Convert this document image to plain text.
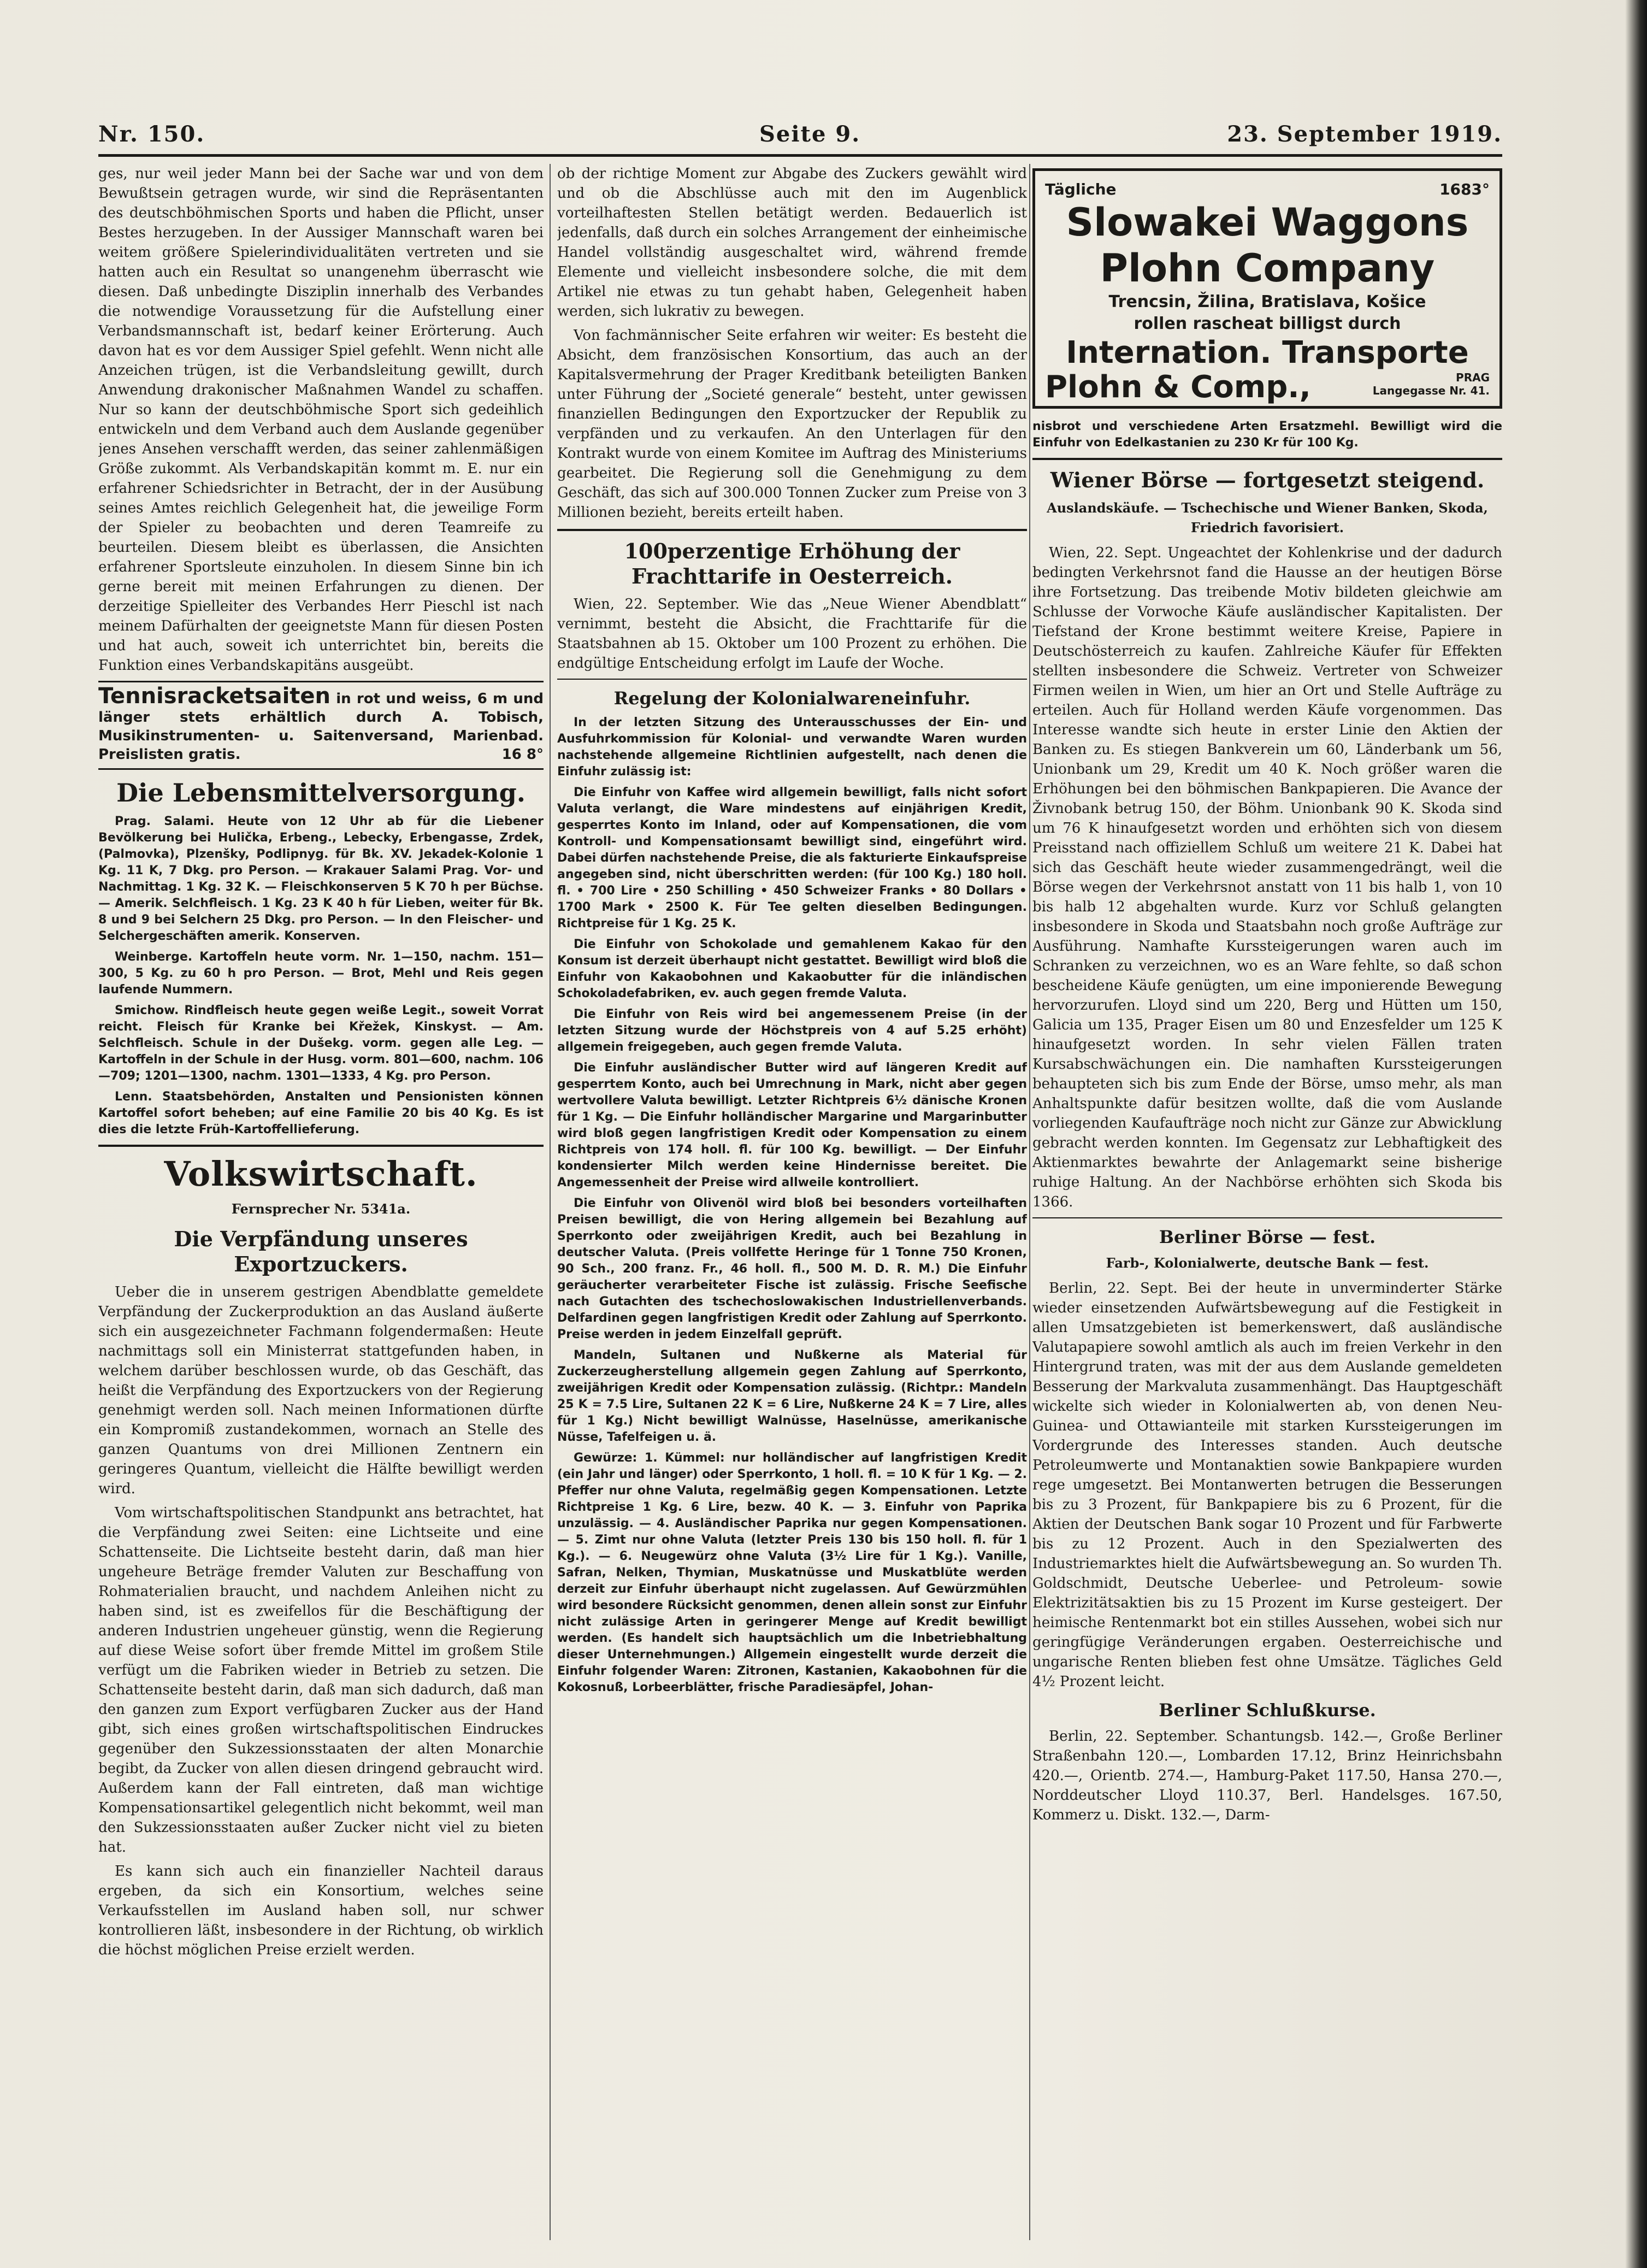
Nr. 150.	Seite 9.	23. September 1919.

ges, nur weil jeder Mann bei der Sache war und von dem Bewußtsein getragen wurde, wir sind die Repräsentanten des deutschböhmischen Sports und haben die Pflicht, unser Bestes herzugeben. In der Aussiger Mannschaft waren bei weitem größere Spielerindividualitäten vertreten und sie hatten auch ein Resultat so unangenehm überrascht wie diesen. Daß unbedingte Disziplin innerhalb des Verbandes die notwendige Voraussetzung für die Aufstellung einer Verbandsmannschaft ist, bedarf keiner Erörterung. Auch davon hat es vor dem Aussiger Spiel gefehlt. Wenn nicht alle Anzeichen trügen, ist die Verbandsleitung gewillt, durch Anwendung drakonischer Maßnahmen Wandel zu schaffen. Nur so kann der deutschböhmische Sport sich gedeihlich entwickeln und dem Verband auch dem Auslande gegenüber jenes Ansehen verschafft werden, das seiner zahlenmäßigen Größe zukommt. Als Verbandskapitän kommt m. E. nur ein erfahrener Schiedsrichter in Betracht, der in der Ausübung seines Amtes reichlich Gelegenheit hat, die jeweilige Form der Spieler zu beobachten und deren Teamreife zu beurteilen. Diesem bleibt es überlassen, die Ansichten erfahrener Sportsleute einzuholen. In diesem Sinne bin ich gerne bereit mit meinen Erfahrungen zu dienen. Der derzeitige Spielleiter des Verbandes Herr Pieschl ist nach meinem Dafürhalten der geeignetste Mann für diesen Posten und hat auch, soweit ich unterrichtet bin, bereits die Funktion eines Verbandskapitäns ausgeübt.

Tennisracketsaiten in rot und weiss, 6 m und länger stets erhältlich durch A. Tobisch, Musikinstrumenten- u. Saitenversand, Marienbad. Preislisten gratis.	16 8°
Die Lebensmittelversorgung.

Prag. Salami. Heute von 12 Uhr ab für die Liebener Bevölkerung bei Hulička, Erbeng., Lebecky, Erbengasse, Zrdek, (Palmovka), Plzenšky, Podlipnyg. für Bk. XV. Jekadek-Kolonie 1 Kg. 11 K, 7 Dkg. pro Person. — Krakauer Salami Prag. Vor- und Nachmittag. 1 Kg. 32 K. — Fleischkonserven 5 K 70 h per Büchse. — Amerik. Selchfleisch. 1 Kg. 23 K 40 h für Lieben, weiter für Bk. 8 und 9 bei Selchern 25 Dkg. pro Person. — In den Fleischer- und Selchergeschäften amerik. Konserven.

Weinberge. Kartoffeln heute vorm. Nr. 1—150, nachm. 151—300, 5 Kg. zu 60 h pro Person. — Brot, Mehl und Reis gegen laufende Nummern.

Smichow. Rindfleisch heute gegen weiße Legit., soweit Vorrat reicht. Fleisch für Kranke bei Křežek, Kinskyst. — Am. Selchfleisch. Schule in der Dušekg. vorm. gegen alle Leg. — Kartoffeln in der Schule in der Husg. vorm. 801—600, nachm. 106—709; 1201—1300, nachm. 1301—1333, 4 Kg. pro Person.

Lenn. Staatsbehörden, Anstalten und Pensionisten können Kartoffel sofort beheben; auf eine Familie 20 bis 40 Kg. Es ist dies die letzte Früh-Kartoffellieferung.

Volkswirtschaft.
Fernsprecher Nr. 5341a.
Die Verpfändung unseres Exportzuckers.

Ueber die in unserem gestrigen Abendblatte gemeldete Verpfändung der Zuckerproduktion an das Ausland äußerte sich ein ausgezeichneter Fachmann folgendermaßen: Heute nachmittags soll ein Ministerrat stattgefunden haben, in welchem darüber beschlossen wurde, ob das Geschäft, das heißt die Verpfändung des Exportzuckers von der Regierung genehmigt werden soll. Nach meinen Informationen dürfte ein Kompromiß zustandekommen, wornach an Stelle des ganzen Quantums von drei Millionen Zentnern ein geringeres Quantum, vielleicht die Hälfte bewilligt werden wird.

Vom wirtschaftspolitischen Standpunkt ans betrachtet, hat die Verpfändung zwei Seiten: eine Lichtseite und eine Schattenseite. Die Lichtseite besteht darin, daß man hier ungeheure Beträge fremder Valuten zur Beschaffung von Rohmaterialien braucht, und nachdem Anleihen nicht zu haben sind, ist es zweifellos für die Beschäftigung der anderen Industrien ungeheuer günstig, wenn die Regierung auf diese Weise sofort über fremde Mittel im großem Stile verfügt um die Fabriken wieder in Betrieb zu setzen. Die Schattenseite besteht darin, daß man sich dadurch, daß man den ganzen zum Export verfügbaren Zucker aus der Hand gibt, sich eines großen wirtschaftspolitischen Eindruckes gegenüber den Sukzessionsstaaten der alten Monarchie begibt, da Zucker von allen diesen dringend gebraucht wird. Außerdem kann der Fall eintreten, daß man wichtige Kompensationsartikel gelegentlich nicht bekommt, weil man den Sukzessionsstaaten außer Zucker nicht viel zu bieten hat.

Es kann sich auch ein finanzieller Nachteil daraus ergeben, da sich ein Konsortium, welches seine Verkaufsstellen im Ausland haben soll, nur schwer kontrollieren läßt, insbesondere in der Richtung, ob wirklich die höchst möglichen Preise erzielt werden.

ob der richtige Moment zur Abgabe des Zuckers gewählt wird und ob die Abschlüsse auch mit den im Augenblick vorteilhaftesten Stellen betätigt werden. Bedauerlich ist jedenfalls, daß durch ein solches Arrangement der einheimische Handel vollständig ausgeschaltet wird, während fremde Elemente und vielleicht insbesondere solche, die mit dem Artikel nie etwas zu tun gehabt haben, Gelegenheit haben werden, sich lukrativ zu bewegen.

Von fachmännischer Seite erfahren wir weiter: Es besteht die Absicht, dem französischen Konsortium, das auch an der Kapitalsvermehrung der Prager Kreditbank beteiligten Banken unter Führung der „Societé generale“ besteht, unter gewissen finanziellen Bedingungen den Exportzucker der Republik zu verpfänden und zu verkaufen. An den Unterlagen für den Kontrakt wurde von einem Komitee im Auftrag des Ministeriums gearbeitet. Die Regierung soll die Genehmigung zu dem Geschäft, das sich auf 300.000 Tonnen Zucker zum Preise von 3 Millionen bezieht, bereits erteilt haben.

100perzentige Erhöhung der Frachttarife in Oesterreich.

Wien, 22. September. Wie das „Neue Wiener Abendblatt“ vernimmt, besteht die Absicht, die Frachttarife für die Staatsbahnen ab 15. Oktober um 100 Prozent zu erhöhen. Die endgültige Entscheidung erfolgt im Laufe der Woche.

Regelung der Kolonialwareneinfuhr.

In der letzten Sitzung des Unterausschusses der Ein- und Ausfuhrkommission für Kolonial- und verwandte Waren wurden nachstehende allgemeine Richtlinien aufgestellt, nach denen die Einfuhr zulässig ist:

Die Einfuhr von Kaffee wird allgemein bewilligt, falls nicht sofort Valuta verlangt, die Ware mindestens auf einjährigen Kredit, gesperrtes Konto im Inland, oder auf Kompensationen, die vom Kontroll- und Kompensationsamt bewilligt sind, eingeführt wird. Dabei dürfen nachstehende Preise, die als fakturierte Einkaufspreise angegeben sind, nicht überschritten werden: (für 100 Kg.) 180 holl. fl. • 700 Lire • 250 Schilling • 450 Schweizer Franks • 80 Dollars • 1700 Mark • 2500 K. Für Tee gelten dieselben Bedingungen. Richtpreise für 1 Kg. 25 K.

Die Einfuhr von Schokolade und gemahlenem Kakao für den Konsum ist derzeit überhaupt nicht gestattet. Bewilligt wird bloß die Einfuhr von Kakaobohnen und Kakaobutter für die inländischen Schokoladefabriken, ev. auch gegen fremde Valuta.

Die Einfuhr von Reis wird bei angemessenem Preise (in der letzten Sitzung wurde der Höchstpreis von 4 auf 5.25 erhöht) allgemein freigegeben, auch gegen fremde Valuta.

Die Einfuhr ausländischer Butter wird auf längeren Kredit auf gesperrtem Konto, auch bei Umrechnung in Mark, nicht aber gegen wertvollere Valuta bewilligt. Letzter Richtpreis 6½ dänische Kronen für 1 Kg. — Die Einfuhr holländischer Margarine und Margarinbutter wird bloß gegen langfristigen Kredit oder Kompensation zu einem Richtpreis von 174 holl. fl. für 100 Kg. bewilligt. — Der Einfuhr kondensierter Milch werden keine Hindernisse bereitet. Die Angemessenheit der Preise wird allweile kontrolliert.

Die Einfuhr von Olivenöl wird bloß bei besonders vorteilhaften Preisen bewilligt, die von Hering allgemein bei Bezahlung auf Sperrkonto oder zweijährigen Kredit, auch bei Bezahlung in deutscher Valuta. (Preis vollfette Heringe für 1 Tonne 750 Kronen, 90 Sch., 200 franz. Fr., 46 holl. fl., 500 M. D. R. M.) Die Einfuhr geräucherter verarbeiteter Fische ist zulässig. Frische Seefische nach Gutachten des tschechoslowakischen Industriellenverbands. Delfardinen gegen langfristigen Kredit oder Zahlung auf Sperrkonto. Preise werden in jedem Einzelfall geprüft.

Mandeln, Sultanen und Nußkerne als Material für Zuckerzeugherstellung allgemein gegen Zahlung auf Sperrkonto, zweijährigen Kredit oder Kompensation zulässig. (Richtpr.: Mandeln 25 K = 7.5 Lire, Sultanen 22 K = 6 Lire, Nußkerne 24 K = 7 Lire, alles für 1 Kg.) Nicht bewilligt Walnüsse, Haselnüsse, amerikanische Nüsse, Tafelfeigen u. ä.

Gewürze: 1. Kümmel: nur holländischer auf langfristigen Kredit (ein Jahr und länger) oder Sperrkonto, 1 holl. fl. = 10 K für 1 Kg. — 2. Pfeffer nur ohne Valuta, regelmäßig gegen Kompensationen. Letzte Richtpreise 1 Kg. 6 Lire, bezw. 40 K. — 3. Einfuhr von Paprika unzulässig. — 4. Ausländischer Paprika nur gegen Kompensationen. — 5. Zimt nur ohne Valuta (letzter Preis 130 bis 150 holl. fl. für 1 Kg.). — 6. Neugewürz ohne Valuta (3½ Lire für 1 Kg.). Vanille, Safran, Nelken, Thymian, Muskatnüsse und Muskatblüte werden derzeit zur Einfuhr überhaupt nicht zugelassen. Auf Gewürzmühlen wird besondere Rücksicht genommen, denen allein sonst zur Einfuhr nicht zulässige Arten in geringerer Menge auf Kredit bewilligt werden. (Es handelt sich hauptsächlich um die Inbetriebhaltung dieser Unternehmungen.) Allgemein eingestellt wurde derzeit die Einfuhr folgender Waren: Zitronen, Kastanien, Kakaobohnen für die Kokosnuß, Lorbeerblätter, frische Paradiesäpfel, Johan-

Tägliche	1683°
Slowakei Waggons
Plohn Company
Trencsin, Žilina, Bratislava, Košice
rollen rascheat billigst durch
Internation. Transporte
Plohn & Comp.,	PRAG
Langegasse Nr. 41.

nisbrot und verschiedene Arten Ersatzmehl. Bewilligt wird die Einfuhr von Edelkastanien zu 230 Kr für 100 Kg.

Wiener Börse — fortgesetzt steigend.
Auslandskäufe. — Tschechische und Wiener Banken, Skoda, Friedrich favorisiert.

Wien, 22. Sept. Ungeachtet der Kohlenkrise und der dadurch bedingten Verkehrsnot fand die Hausse an der heutigen Börse ihre Fortsetzung. Das treibende Motiv bildeten gleichwie am Schlusse der Vorwoche Käufe ausländischer Kapitalisten. Der Tiefstand der Krone bestimmt weitere Kreise, Papiere in Deutschösterreich zu kaufen. Zahlreiche Käufer für Effekten stellten insbesondere die Schweiz. Vertreter von Schweizer Firmen weilen in Wien, um hier an Ort und Stelle Aufträge zu erteilen. Auch für Holland werden Käufe vorgenommen. Das Interesse wandte sich heute in erster Linie den Aktien der Banken zu. Es stiegen Bankverein um 60, Länderbank um 56, Unionbank um 29, Kredit um 40 K. Noch größer waren die Erhöhungen bei den böhmischen Bankpapieren. Die Avance der Živnobank betrug 150, der Böhm. Unionbank 90 K. Skoda sind um 76 K hinaufgesetzt worden und erhöhten sich von diesem Preisstand nach offiziellem Schluß um weitere 21 K. Dabei hat sich das Geschäft heute wieder zusammengedrängt, weil die Börse wegen der Verkehrsnot anstatt von 11 bis halb 1, von 10 bis halb 12 abgehalten wurde. Kurz vor Schluß gelangten insbesondere in Skoda und Staatsbahn noch große Aufträge zur Ausführung. Namhafte Kurssteigerungen waren auch im Schranken zu verzeichnen, wo es an Ware fehlte, so daß schon bescheidene Käufe genügten, um eine imponierende Bewegung hervorzurufen. Lloyd sind um 220, Berg und Hütten um 150, Galicia um 135, Prager Eisen um 80 und Enzesfelder um 125 K hinaufgesetzt worden. In sehr vielen Fällen traten Kursabschwächungen ein. Die namhaften Kurssteigerungen behaupteten sich bis zum Ende der Börse, umso mehr, als man Anhaltspunkte dafür besitzen wollte, daß die vom Auslande vorliegenden Kaufaufträge noch nicht zur Gänze zur Abwicklung gebracht werden konnten. Im Gegensatz zur Lebhaftigkeit des Aktienmarktes bewahrte der Anlagemarkt seine bisherige ruhige Haltung. An der Nachbörse erhöhten sich Skoda bis 1366.

Berliner Börse — fest.
Farb-, Kolonialwerte, deutsche Bank — fest.

Berlin, 22. Sept. Bei der heute in unverminderter Stärke wieder einsetzenden Aufwärtsbewegung auf die Festigkeit in allen Umsatzgebieten ist bemerkenswert, daß ausländische Valutapapiere sowohl amtlich als auch im freien Verkehr in den Hintergrund traten, was mit der aus dem Auslande gemeldeten Besserung der Markvaluta zusammenhängt. Das Hauptgeschäft wickelte sich wieder in Kolonialwerten ab, von denen Neu-Guinea- und Ottawianteile mit starken Kurssteigerungen im Vordergrunde des Interesses standen. Auch deutsche Petroleumwerte und Montanaktien sowie Bankpapiere wurden rege umgesetzt. Bei Montanwerten betrugen die Besserungen bis zu 3 Prozent, für Bankpapiere bis zu 6 Prozent, für die Aktien der Deutschen Bank sogar 10 Prozent und für Farbwerte bis zu 12 Prozent. Auch in den Spezialwerten des Industriemarktes hielt die Aufwärtsbewegung an. So wurden Th. Goldschmidt, Deutsche Ueberlee- und Petroleum- sowie Elektrizitätsaktien bis zu 15 Prozent im Kurse gesteigert. Der heimische Rentenmarkt bot ein stilles Aussehen, wobei sich nur geringfügige Veränderungen ergaben. Oesterreichische und ungarische Renten blieben fest ohne Umsätze. Tägliches Geld 4½ Prozent leicht.

Berliner Schlußkurse.

Berlin, 22. September. Schantungsb. 142.—, Große Berliner Straßenbahn 120.—, Lombarden 17.12, Brinz Heinrichsbahn 420.—, Orientb. 274.—, Hamburg-Paket 117.50, Hansa 270.—, Norddeutscher Lloyd 110.37, Berl. Handelsges. 167.50, Kommerz u. Diskt. 132.—, Darm-
